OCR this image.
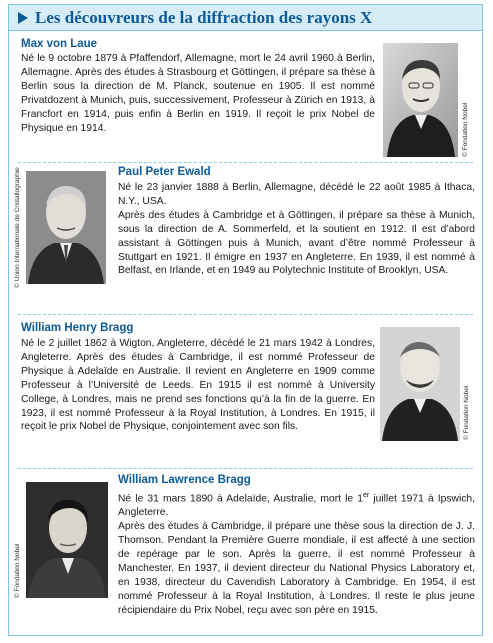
Les découvreurs de la diffraction des rayons X
Max von Laue

Né le 9 octobre 1879 à Pfaffendorf, Allemagne, mort le 24 avril 1960 à Berlin, Allemagne. Après des études à Strasbourg et Göttingen, il prépare sa thèse à Berlin sous la direction de M. Planck, soutenue en 1905. Il est nommé Privatdozent à Munich, puis, successivement, Professeur à Zürich en 1913, à Francfort en 1914, puis enfin à Berlin en 1919. Il reçoit le prix Nobel de Physique en 1914.	© Fondation Nobel
© Union Internationale de Cristallographie	Paul Peter Ewald

Né le 23 janvier 1888 à Berlin, Allemagne, décédé le 22 août 1985 à Ithaca, N.Y., USA.

Après des études à Cambridge et à Göttingen, il prépare sa thèse à Munich, sous la direction de A. Sommerfeld, et la soutient en 1912. Il est d’abord assistant à Göttingen puis à Munich, avant d’être nommé Professeur à Stuttgart en 1921. Il émigre en 1937 en Angleterre. En 1939, il est nommé à Belfast, en Irlande, et en 1949 au Polytechnic Institute of Brooklyn, USA.

William Henry Bragg

Né le 2 juillet 1862 à Wigton, Angleterre, décédé le 21 mars 1942 à Londres, Angleterre. Après des études à Cambridge, il est nommé Professeur de Physique à Adelaïde en Australie. Il revient en Angleterre en 1909 comme Professeur à l’Université de Leeds. En 1915 il est nommé à University College, à Londres, mais ne prend ses fonctions qu’à la fin de la guerre. En 1923, il est nommé Professeur à la Royal Institution, à Londres. En 1915, il reçoit le prix Nobel de Physique, conjointement avec son fils.	© Fondation Nobel
© Fondation Nobel
William Lawrence Bragg

Né le 31 mars 1890 à Adelaïde, Australie, mort le 1er juillet 1971 à Ipswich, Angleterre.

Après des études à Cambridge, il prépare une thèse sous la direction de J. J. Thomson. Pendant la Première Guerre mondiale, il est affecté à une section de repérage par le son. Après la guerre, il est nommé Professeur à Manchester. En 1937, il devient directeur du National Physics Laboratory et, en 1938, directeur du Cavendish Laboratory à Cambridge. En 1954, il est nommé Professeur à la Royal Institution, à Londres. Il reste le plus jeune récipiendaire du Prix Nobel, reçu avec son père en 1915.
